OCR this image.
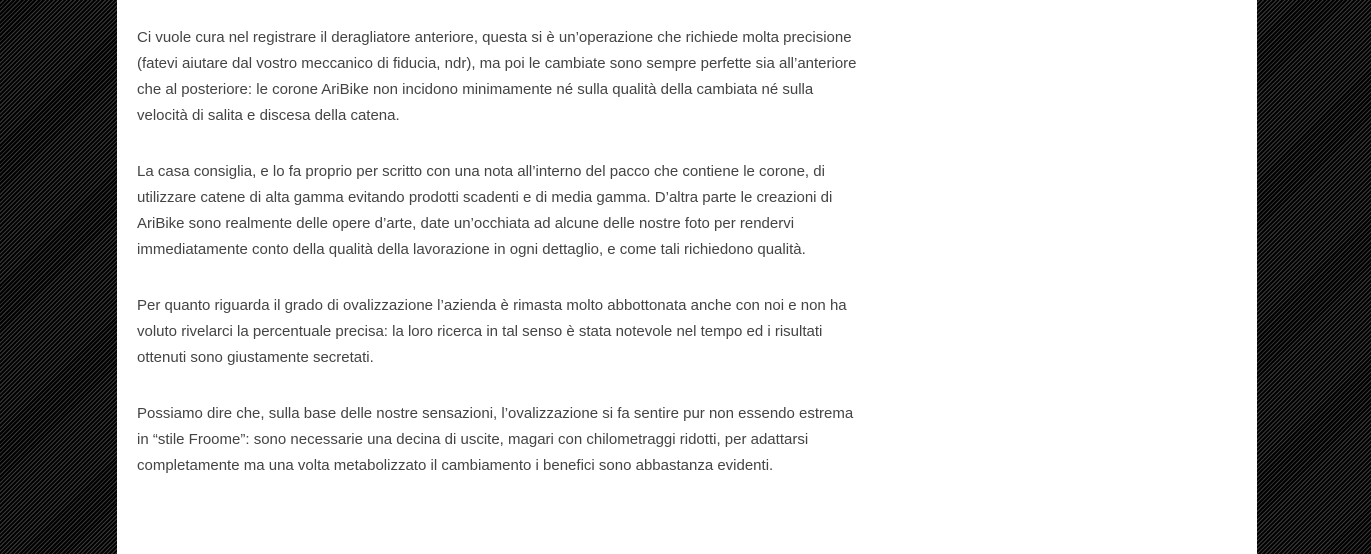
Ci vuole cura nel registrare il deragliatore anteriore, questa si è un’operazione che richiede molta precisione (fatevi aiutare dal vostro meccanico di fiducia, ndr), ma poi le cambiate sono sempre perfette sia all’anteriore che al posteriore: le corone AriBike non incidono minimamente né sulla qualità della cambiata né sulla velocità di salita e discesa della catena.

La casa consiglia, e lo fa proprio per scritto con una nota all’interno del pacco che contiene le corone, di utilizzare catene di alta gamma evitando prodotti scadenti e di media gamma. D’altra parte le creazioni di AriBike sono realmente delle opere d’arte, date un’occhiata ad alcune delle nostre foto per rendervi immediatamente conto della qualità della lavorazione in ogni dettaglio, e come tali richiedono qualità.

Per quanto riguarda il grado di ovalizzazione l’azienda è rimasta molto abbottonata anche con noi e non ha voluto rivelarci la percentuale precisa: la loro ricerca in tal senso è stata notevole nel tempo ed i risultati ottenuti sono giustamente secretati.

Possiamo dire che, sulla base delle nostre sensazioni, l’ovalizzazione si fa sentire pur non essendo estrema in “stile Froome”: sono necessarie una decina di uscite, magari con chilometraggi ridotti, per adattarsi completamente ma una volta metabolizzato il cambiamento i benefici sono abbastanza evidenti.
